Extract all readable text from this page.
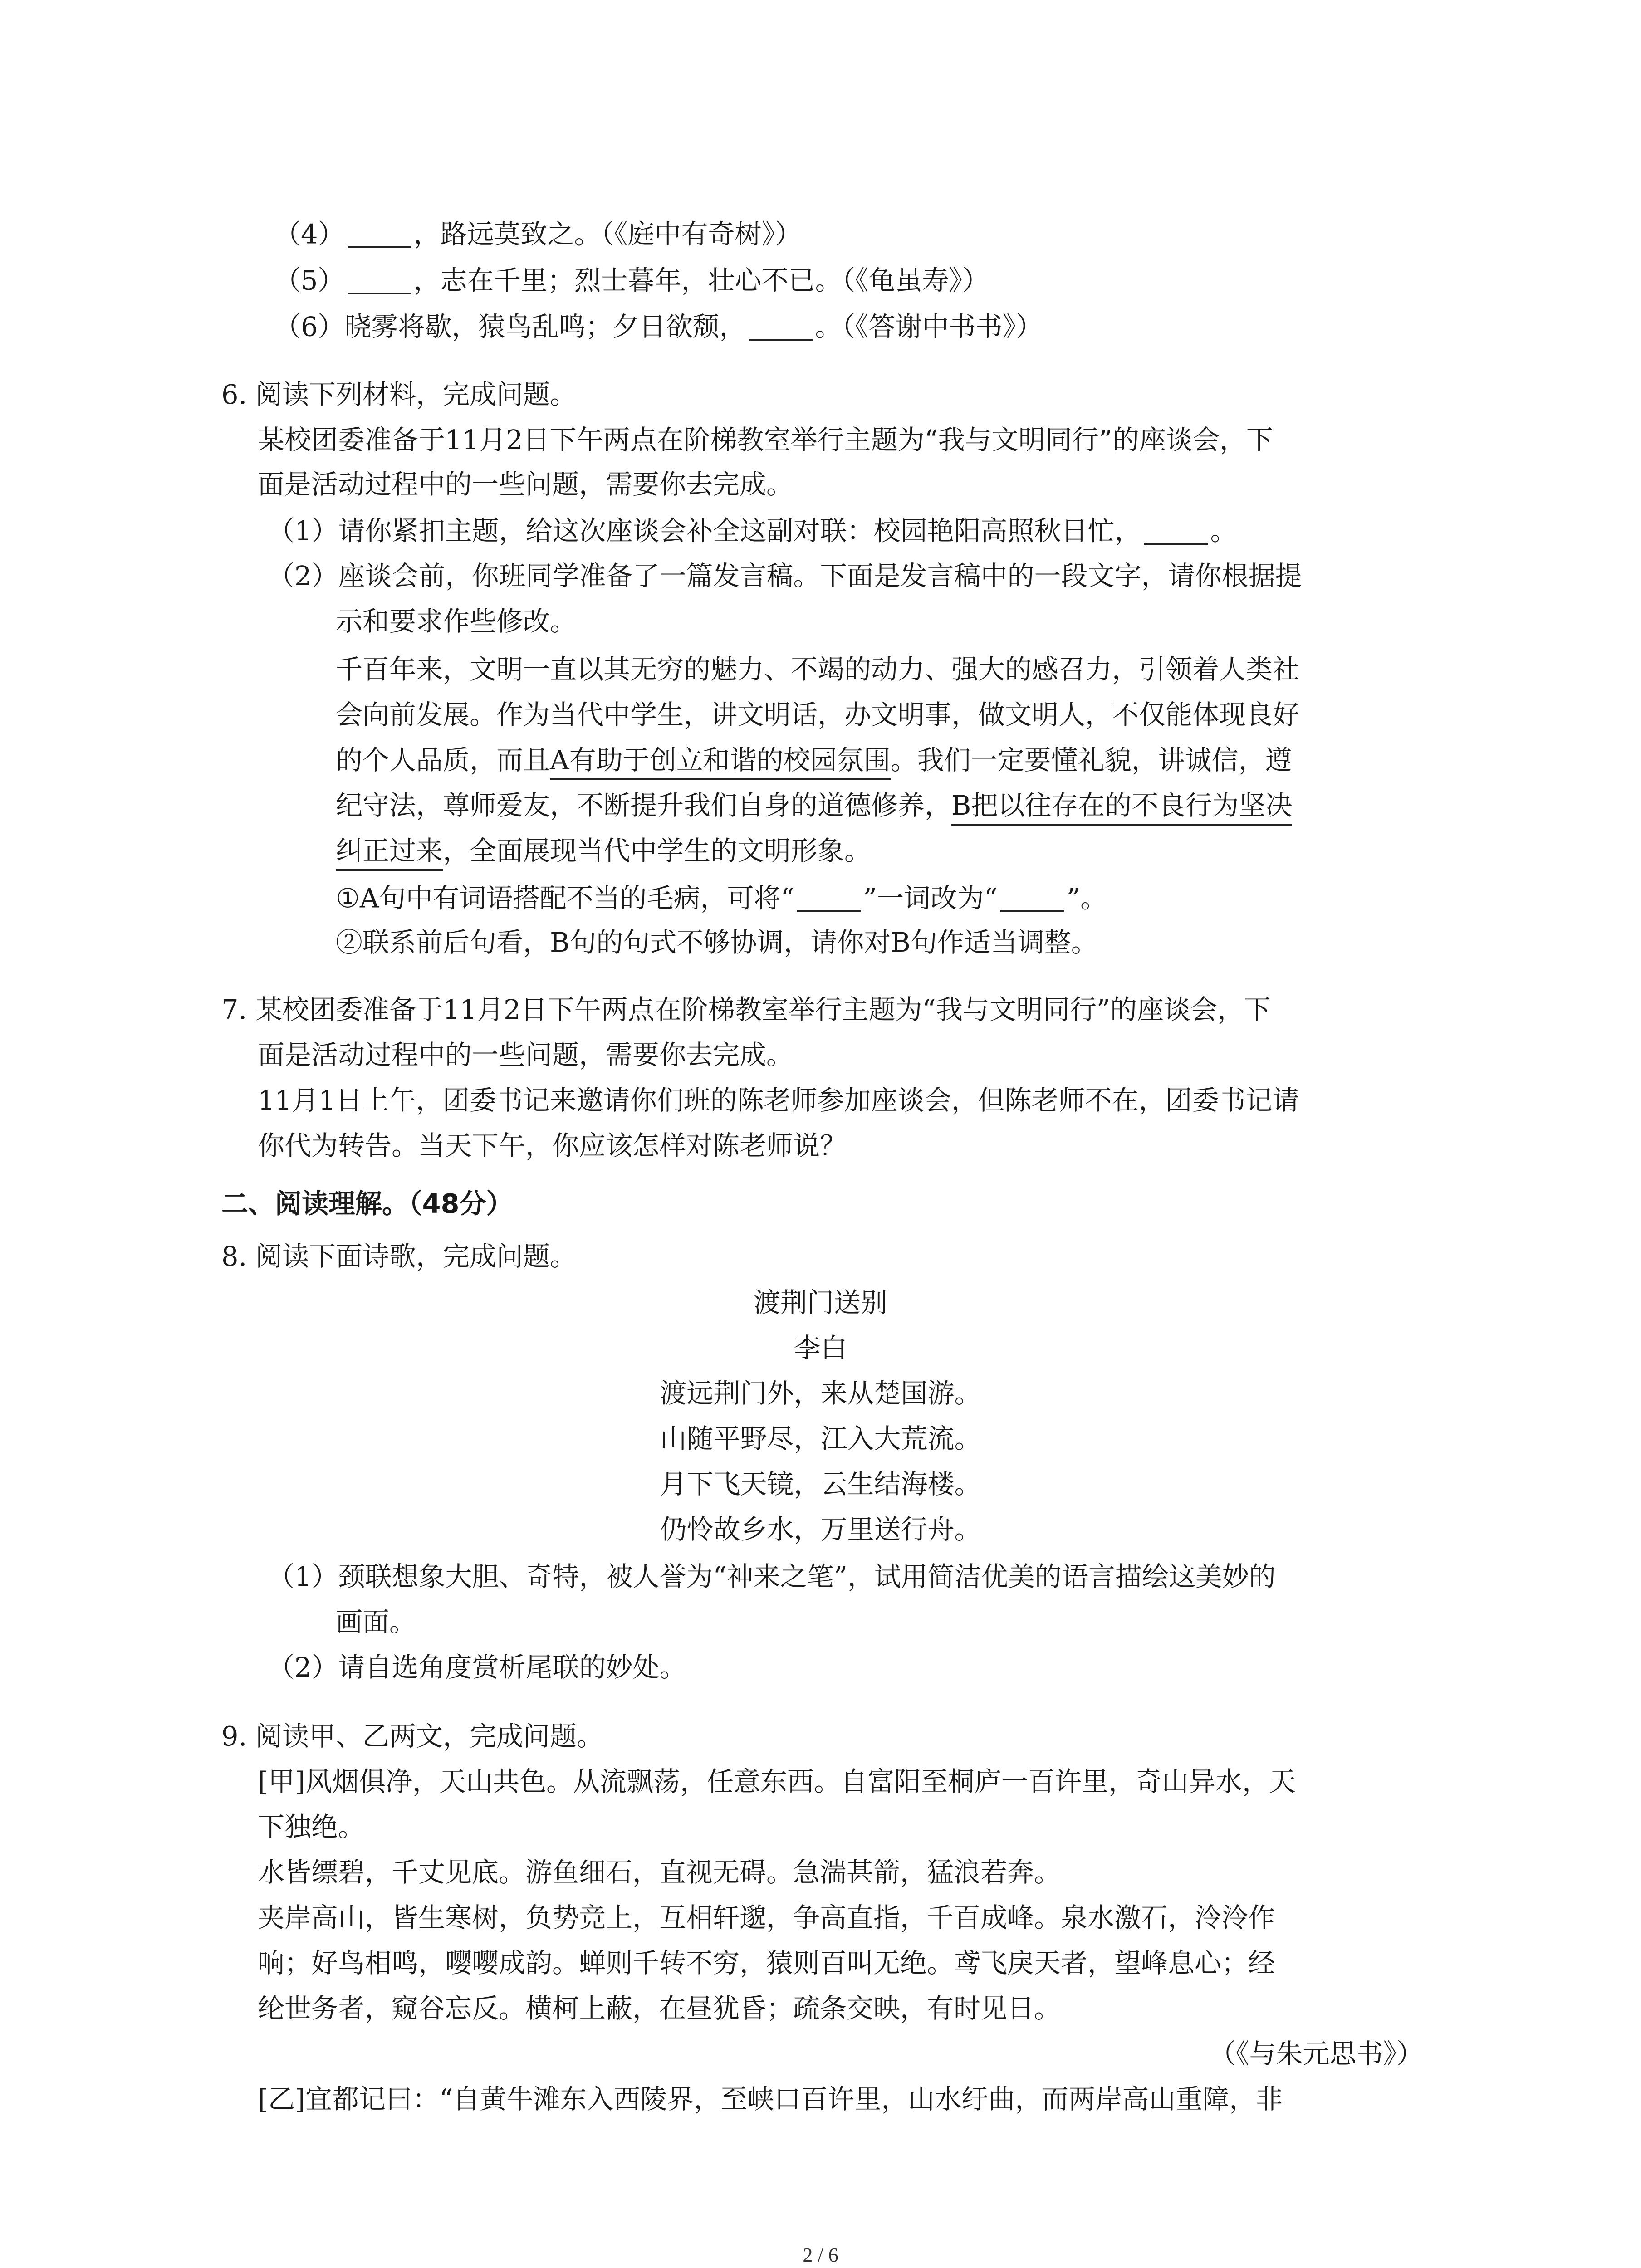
（4）	，路远莫致之。（《庭中有奇树》）
（5）	，志在千里；烈士暮年，壮心不已。（《龟虽寿》）
（6）晓雾将歇，猿鸟乱鸣；夕日欲颓，	。（《答谢中书书》）
6. 阅读下列材料，完成问题。
某校团委准备于11月2日下午两点在阶梯教室举行主题为“我与文明同行”的座谈会，下
面是活动过程中的一些问题，需要你去完成。
（1）请你紧扣主题，给这次座谈会补全这副对联：校园艳阳高照秋日忙，	。
（2）座谈会前，你班同学准备了一篇发言稿。下面是发言稿中的一段文字，请你根据提
示和要求作些修改。
千百年来，文明一直以其无穷的魅力、不竭的动力、强大的感召力，引领着人类社
会向前发展。作为当代中学生，讲文明话，办文明事，做文明人，不仅能体现良好
的个人品质，而且A有助于创立和谐的校园氛围。我们一定要懂礼貌，讲诚信，遵
纪守法，尊师爱友，不断提升我们自身的道德修养，B把以往存在的不良行为坚决
纠正过来，全面展现当代中学生的文明形象。
①A句中有词语搭配不当的毛病，可将“	”一词改为“	”。
②联系前后句看，B句的句式不够协调，请你对B句作适当调整。
7. 某校团委准备于11月2日下午两点在阶梯教室举行主题为“我与文明同行”的座谈会，下
面是活动过程中的一些问题，需要你去完成。
11月1日上午，团委书记来邀请你们班的陈老师参加座谈会，但陈老师不在，团委书记请
你代为转告。当天下午，你应该怎样对陈老师说？
二、阅读理解。（48分）
8. 阅读下面诗歌，完成问题。
渡荆门送别
李白
渡远荆门外，来从楚国游。
山随平野尽，江入大荒流。
月下飞天镜，云生结海楼。
仍怜故乡水，万里送行舟。
（1）颈联想象大胆、奇特，被人誉为“神来之笔”，试用简洁优美的语言描绘这美妙的
画面。
（2）请自选角度赏析尾联的妙处。
9. 阅读甲、乙两文，完成问题。
[甲]风烟俱净，天山共色。从流飘荡，任意东西。自富阳至桐庐一百许里，奇山异水，天
下独绝。
水皆缥碧，千丈见底。游鱼细石，直视无碍。急湍甚箭，猛浪若奔。
夹岸高山，皆生寒树，负势竞上，互相轩邈，争高直指，千百成峰。泉水激石，泠泠作
响；好鸟相鸣，嘤嘤成韵。蝉则千转不穷，猿则百叫无绝。鸢飞戾天者，望峰息心；经
纶世务者，窥谷忘反。横柯上蔽，在昼犹昏；疏条交映，有时见日。
（《与朱元思书》）
[乙]宜都记曰：“自黄牛滩东入西陵界，至峡口百许里，山水纡曲，而两岸高山重障，非
2 / 6
